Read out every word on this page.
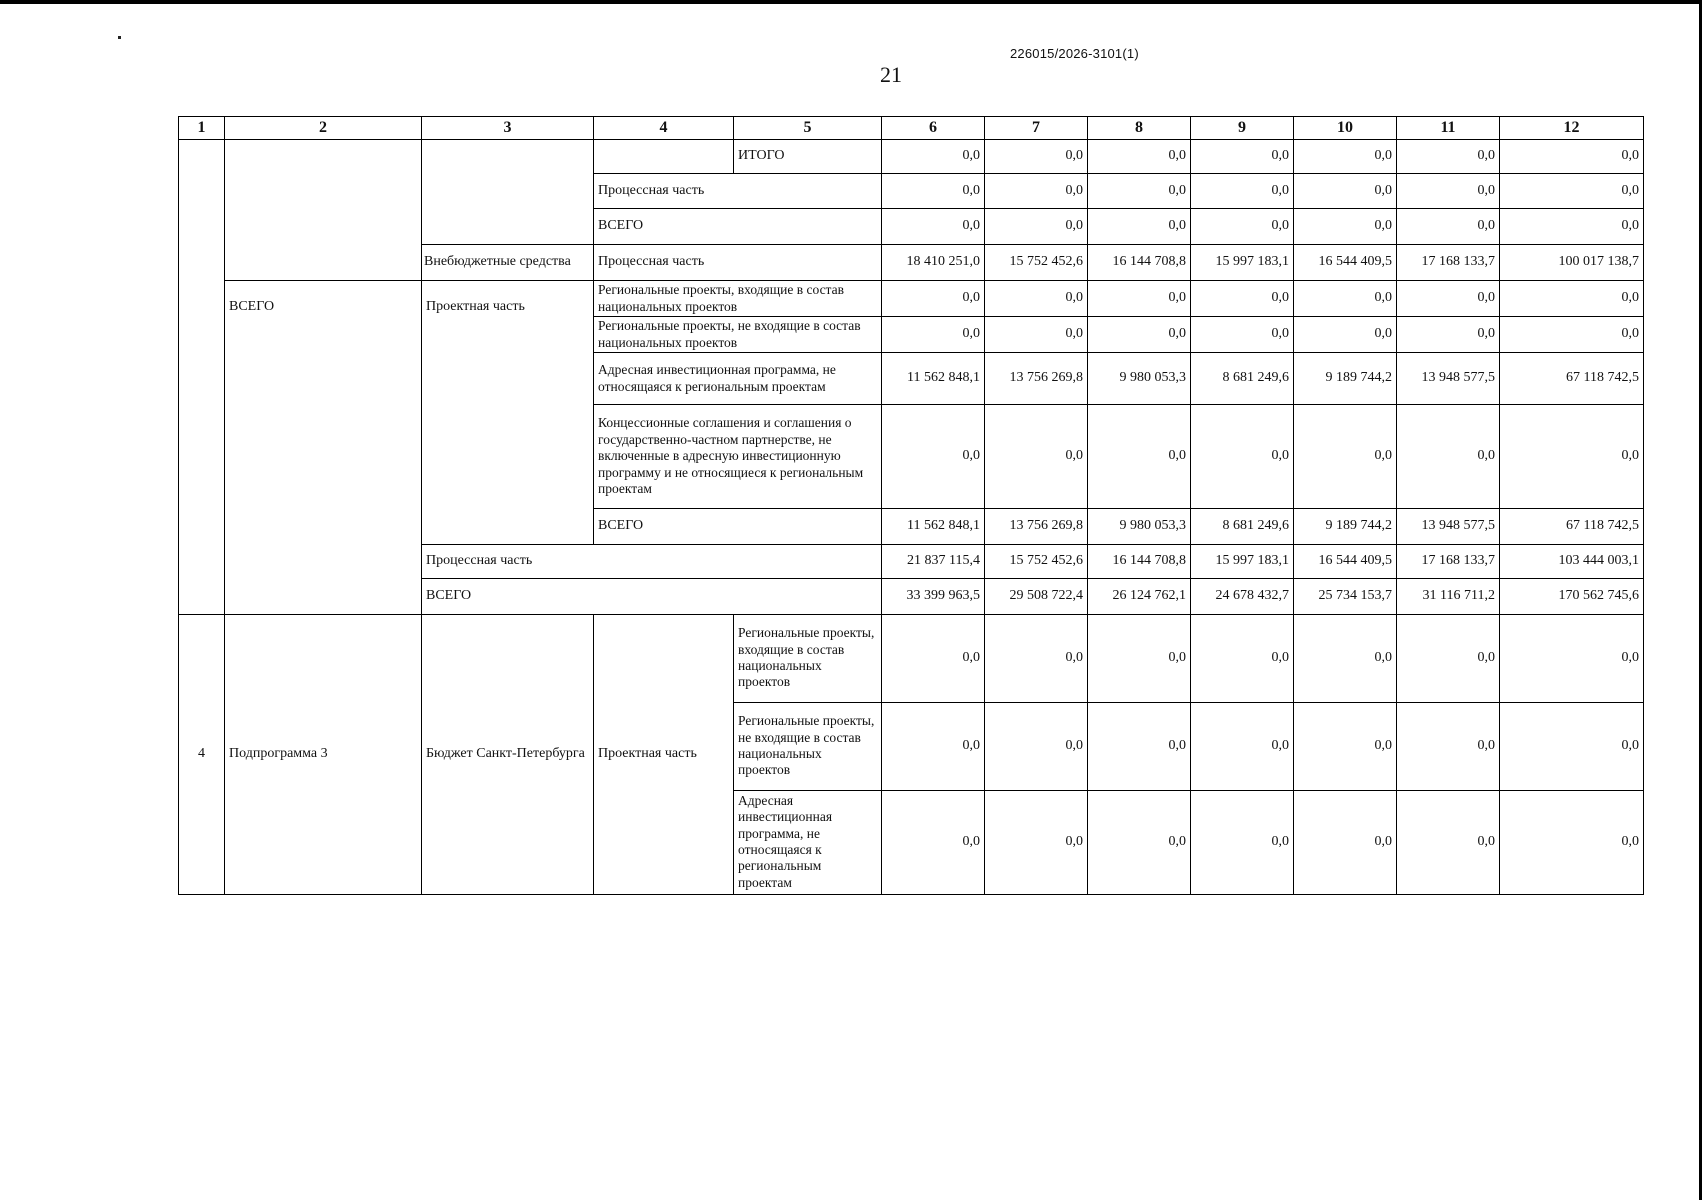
226015/2026-3101(1)
21
1	2	3	4	5	6	7	8	9	10	11	12
				ИТОГО	0,0	0,0	0,0	0,0	0,0	0,0	0,0
			Процессная часть		0,0	0,0	0,0	0,0	0,0	0,0	0,0
			ВСЕГО		0,0	0,0	0,0	0,0	0,0	0,0	0,0
		Внебюджетные средства	Процессная часть		18 410 251,0	15 752 452,6	16 144 708,8	15 997 183,1	16 544 409,5	17 168 133,7	100 017 138,7
	ВСЕГО	Проектная часть	Региональные проекты, входящие в состав национальных проектов		0,0	0,0	0,0	0,0	0,0	0,0	0,0
			Региональные проекты, не входящие в состав национальных проектов		0,0	0,0	0,0	0,0	0,0	0,0	0,0
			Адресная инвестиционная программа, не относящаяся к региональным проектам		11 562 848,1	13 756 269,8	9 980 053,3	8 681 249,6	9 189 744,2	13 948 577,5	67 118 742,5
			Концессионные соглашения и соглашения о государственно-частном партнерстве, не включенные в адресную инвестиционную программу и не относящиеся к региональным проектам		0,0	0,0	0,0	0,0	0,0	0,0	0,0
			ВСЕГО		11 562 848,1	13 756 269,8	9 980 053,3	8 681 249,6	9 189 744,2	13 948 577,5	67 118 742,5
		Процессная часть			21 837 115,4	15 752 452,6	16 144 708,8	15 997 183,1	16 544 409,5	17 168 133,7	103 444 003,1
		ВСЕГО			33 399 963,5	29 508 722,4	26 124 762,1	24 678 432,7	25 734 153,7	31 116 711,2	170 562 745,6
4	Подпрограмма 3	Бюджет Санкт-Петербурга	Проектная часть	Региональные проекты, входящие в состав национальных проектов	0,0	0,0	0,0	0,0	0,0	0,0	0,0
				Региональные проекты, не входящие в состав национальных проектов	0,0	0,0	0,0	0,0	0,0	0,0	0,0
				Адресная инвестиционная программа, не относящаяся к региональным проектам	0,0	0,0	0,0	0,0	0,0	0,0	0,0
